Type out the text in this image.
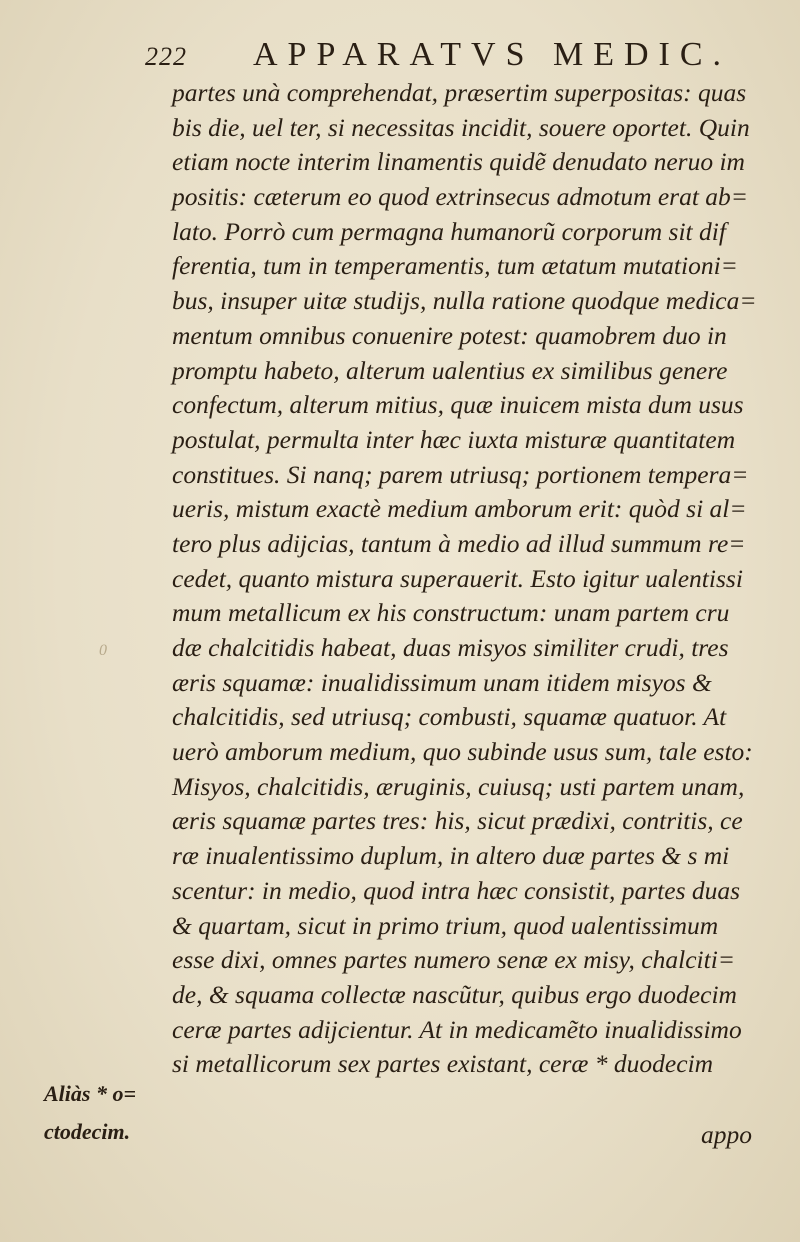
222 APPARATVS MEDIC.
partes unà comprehendat, præsertim superpositas: quas
bis die, uel ter, si necessitas incidit, souere oportet. Quin
etiam nocte interim linamentis quidẽ denudato neruo im
positis: cæterum eo quod extrinsecus admotum erat ab=
lato. Porrò cum permagna humanorũ corporum sit dif
ferentia, tum in temperamentis, tum ætatum mutationi=
bus, insuper uitæ studijs, nulla ratione quodque medica=
mentum omnibus conuenire potest: quamobrem duo in
promptu habeto, alterum ualentius ex similibus genere
confectum, alterum mitius, quæ inuicem mista dum usus
postulat, permulta inter hæc iuxta misturæ quantitatem
constitues. Si nanq; parem utriusq; portionem tempera=
ueris, mistum exactè medium amborum erit: quòd si al=
tero plus adijcias, tantum à medio ad illud summum re=
cedet, quanto mistura superauerit. Esto igitur ualentissi
mum metallicum ex his constructum: unam partem cru
dæ chalcitidis habeat, duas misyos similiter crudi, tres
æris squamæ: inualidissimum unam itidem misyos &
chalcitidis, sed utriusq; combusti, squamæ quatuor. At
uerò amborum medium, quo subinde usus sum, tale esto:
Misyos, chalcitidis, æruginis, cuiusq; usti partem unam,
æris squamæ partes tres: his, sicut prædixi, contritis, ce
ræ inualentissimo duplum, in altero duæ partes & s mi
scentur: in medio, quod intra hæc consistit, partes duas
& quartam, sicut in primo trium, quod ualentissimum
esse dixi, omnes partes numero senæ ex misy, chalciti=
de, & squama collectæ nascũtur, quibus ergo duodecim
ceræ partes adijcientur. At in medicamẽto inualidissimo
si metallicorum sex partes existant, ceræ * duodecim
0
Aliàs * o=
ctodecim.	appo
